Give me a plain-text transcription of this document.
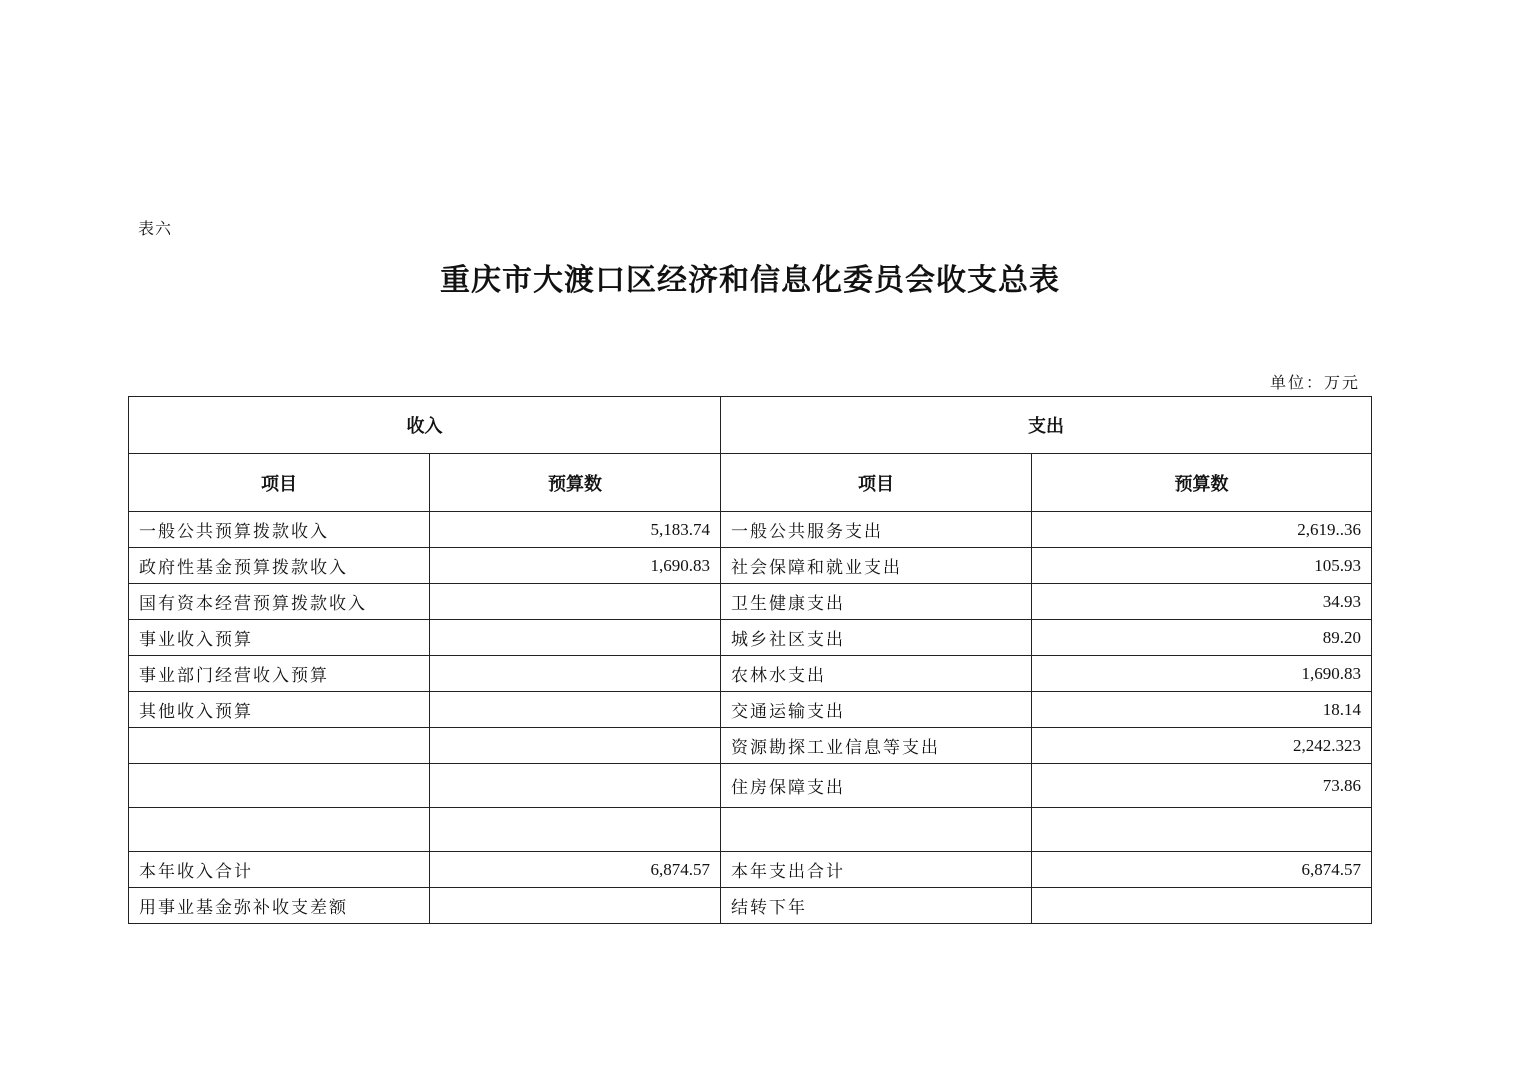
表六
重庆市大渡口区经济和信息化委员会收支总表
单位：万元
收入		支出	
项目	预算数	项目	预算数
一般公共预算拨款收入	5,183.74	一般公共服务支出	2,619..36
政府性基金预算拨款收入	1,690.83	社会保障和就业支出	105.93
国有资本经营预算拨款收入		卫生健康支出	34.93
事业收入预算		城乡社区支出	89.20
事业部门经营收入预算		农林水支出	1,690.83
其他收入预算		交通运输支出	18.14
		资源勘探工业信息等支出	2,242.323
		住房保障支出	73.86

本年收入合计	6,874.57	本年支出合计	6,874.57
用事业基金弥补收支差额		结转下年	
